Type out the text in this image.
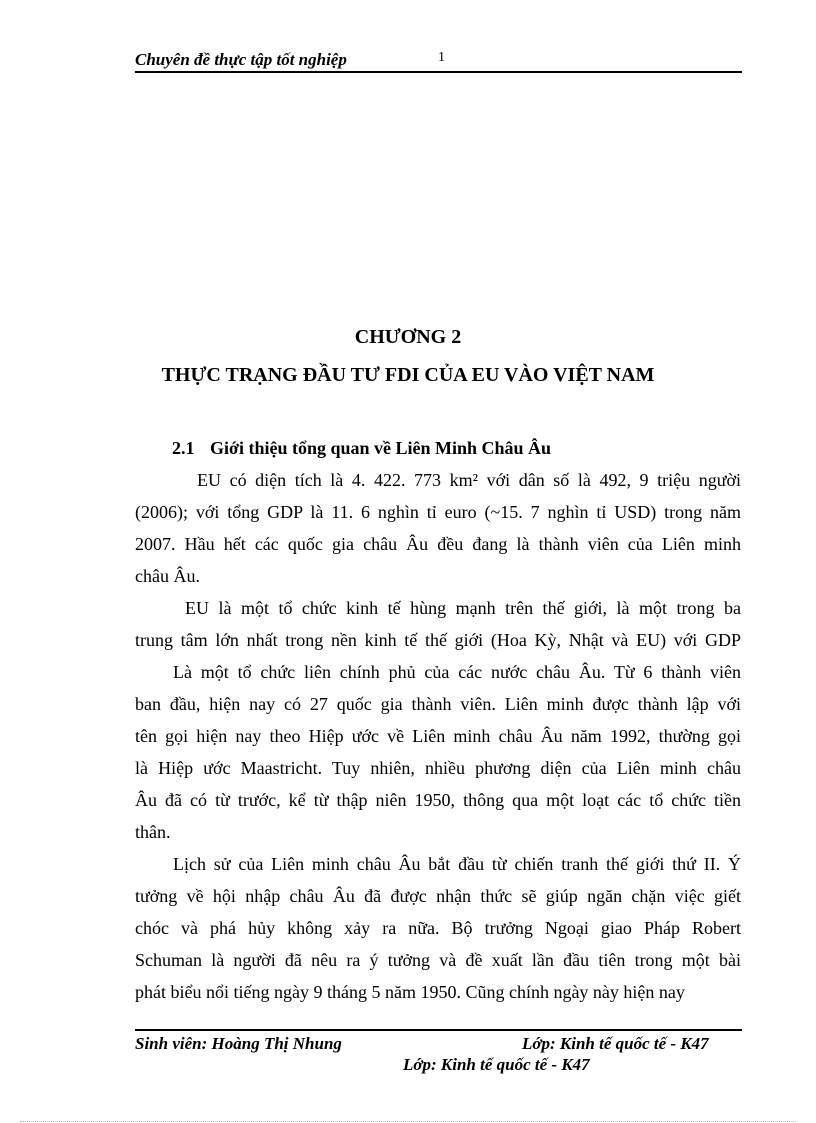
Chuyên đề thực tập tốt nghiệp	1
CHƯƠNG 2
THỰC TRẠNG ĐẦU TƯ FDI CỦA EU VÀO VIỆT NAM
2.1 Giới thiệu tổng quan về Liên Minh Châu Âu
EU có diện tích là 4. 422. 773 km² với dân số là 492, 9 triệu người
(2006); với tổng GDP là 11. 6 nghìn tỉ euro (~15. 7 nghìn tỉ USD) trong năm
2007. Hầu hết các quốc gia châu Âu đều đang là thành viên của Liên minh
châu Âu.
EU là một tổ chức kinh tế hùng mạnh trên thế giới, là một trong ba
trung tâm lớn nhất trong nền kinh tế thế giới (Hoa Kỳ, Nhật và EU) với GDP
Là một tổ chức liên chính phủ của các nước châu Âu. Từ 6 thành viên
ban đầu, hiện nay có 27 quốc gia thành viên. Liên minh được thành lập với
tên gọi hiện nay theo Hiệp ước về Liên minh châu Âu năm 1992, thường gọi
là Hiệp ước Maastricht. Tuy nhiên, nhiều phương diện của Liên minh châu
Âu đã có từ trước, kể từ thập niên 1950, thông qua một loạt các tổ chức tiền
thân.
Lịch sử của Liên minh châu Âu bắt đầu từ chiến tranh thế giới thứ II. Ý
tưởng về hội nhập châu Âu đã được nhận thức sẽ giúp ngăn chặn việc giết
chóc và phá hủy không xảy ra nữa. Bộ trưởng Ngoại giao Pháp Robert
Schuman là người đã nêu ra ý tưởng và đề xuất lần đầu tiên trong một bài
phát biểu nổi tiếng ngày 9 tháng 5 năm 1950. Cũng chính ngày này hiện nay
Sinh viên: Hoàng Thị Nhung	Lớp: Kinh tế quốc tế - K47
Lớp: Kinh tế quốc tế - K47
